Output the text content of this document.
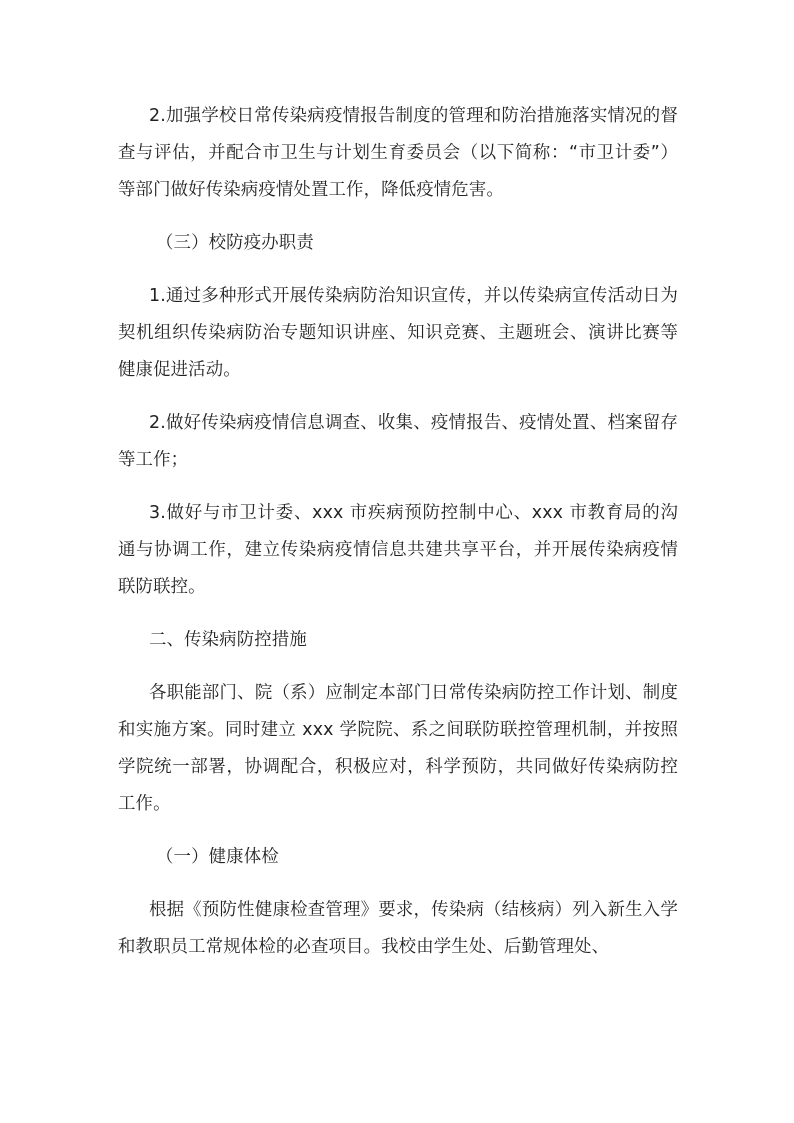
2.加强学校日常传染病疫情报告制度的管理和防治措施落实情况的督查与评估，并配合市卫生与计划生育委员会（以下简称：“市卫计委”）等部门做好传染病疫情处置工作，降低疫情危害。

（三）校防疫办职责

1.通过多种形式开展传染病防治知识宣传，并以传染病宣传活动日为契机组织传染病防治专题知识讲座、知识竞赛、主题班会、演讲比赛等健康促进活动。

2.做好传染病疫情信息调查、收集、疫情报告、疫情处置、档案留存等工作；

3.做好与市卫计委、xxx 市疾病预防控制中心、xxx 市教育局的沟通与协调工作，建立传染病疫情信息共建共享平台，并开展传染病疫情联防联控。

二、传染病防控措施

各职能部门、院（系）应制定本部门日常传染病防控工作计划、制度和实施方案。同时建立 xxx 学院院、系之间联防联控管理机制，并按照学院统一部署，协调配合，积极应对，科学预防，共同做好传染病防控工作。

（一）健康体检

根据《预防性健康检查管理》要求，传染病（结核病）列入新生入学和教职员工常规体检的必查项目。我校由学生处、后勤管理处、
